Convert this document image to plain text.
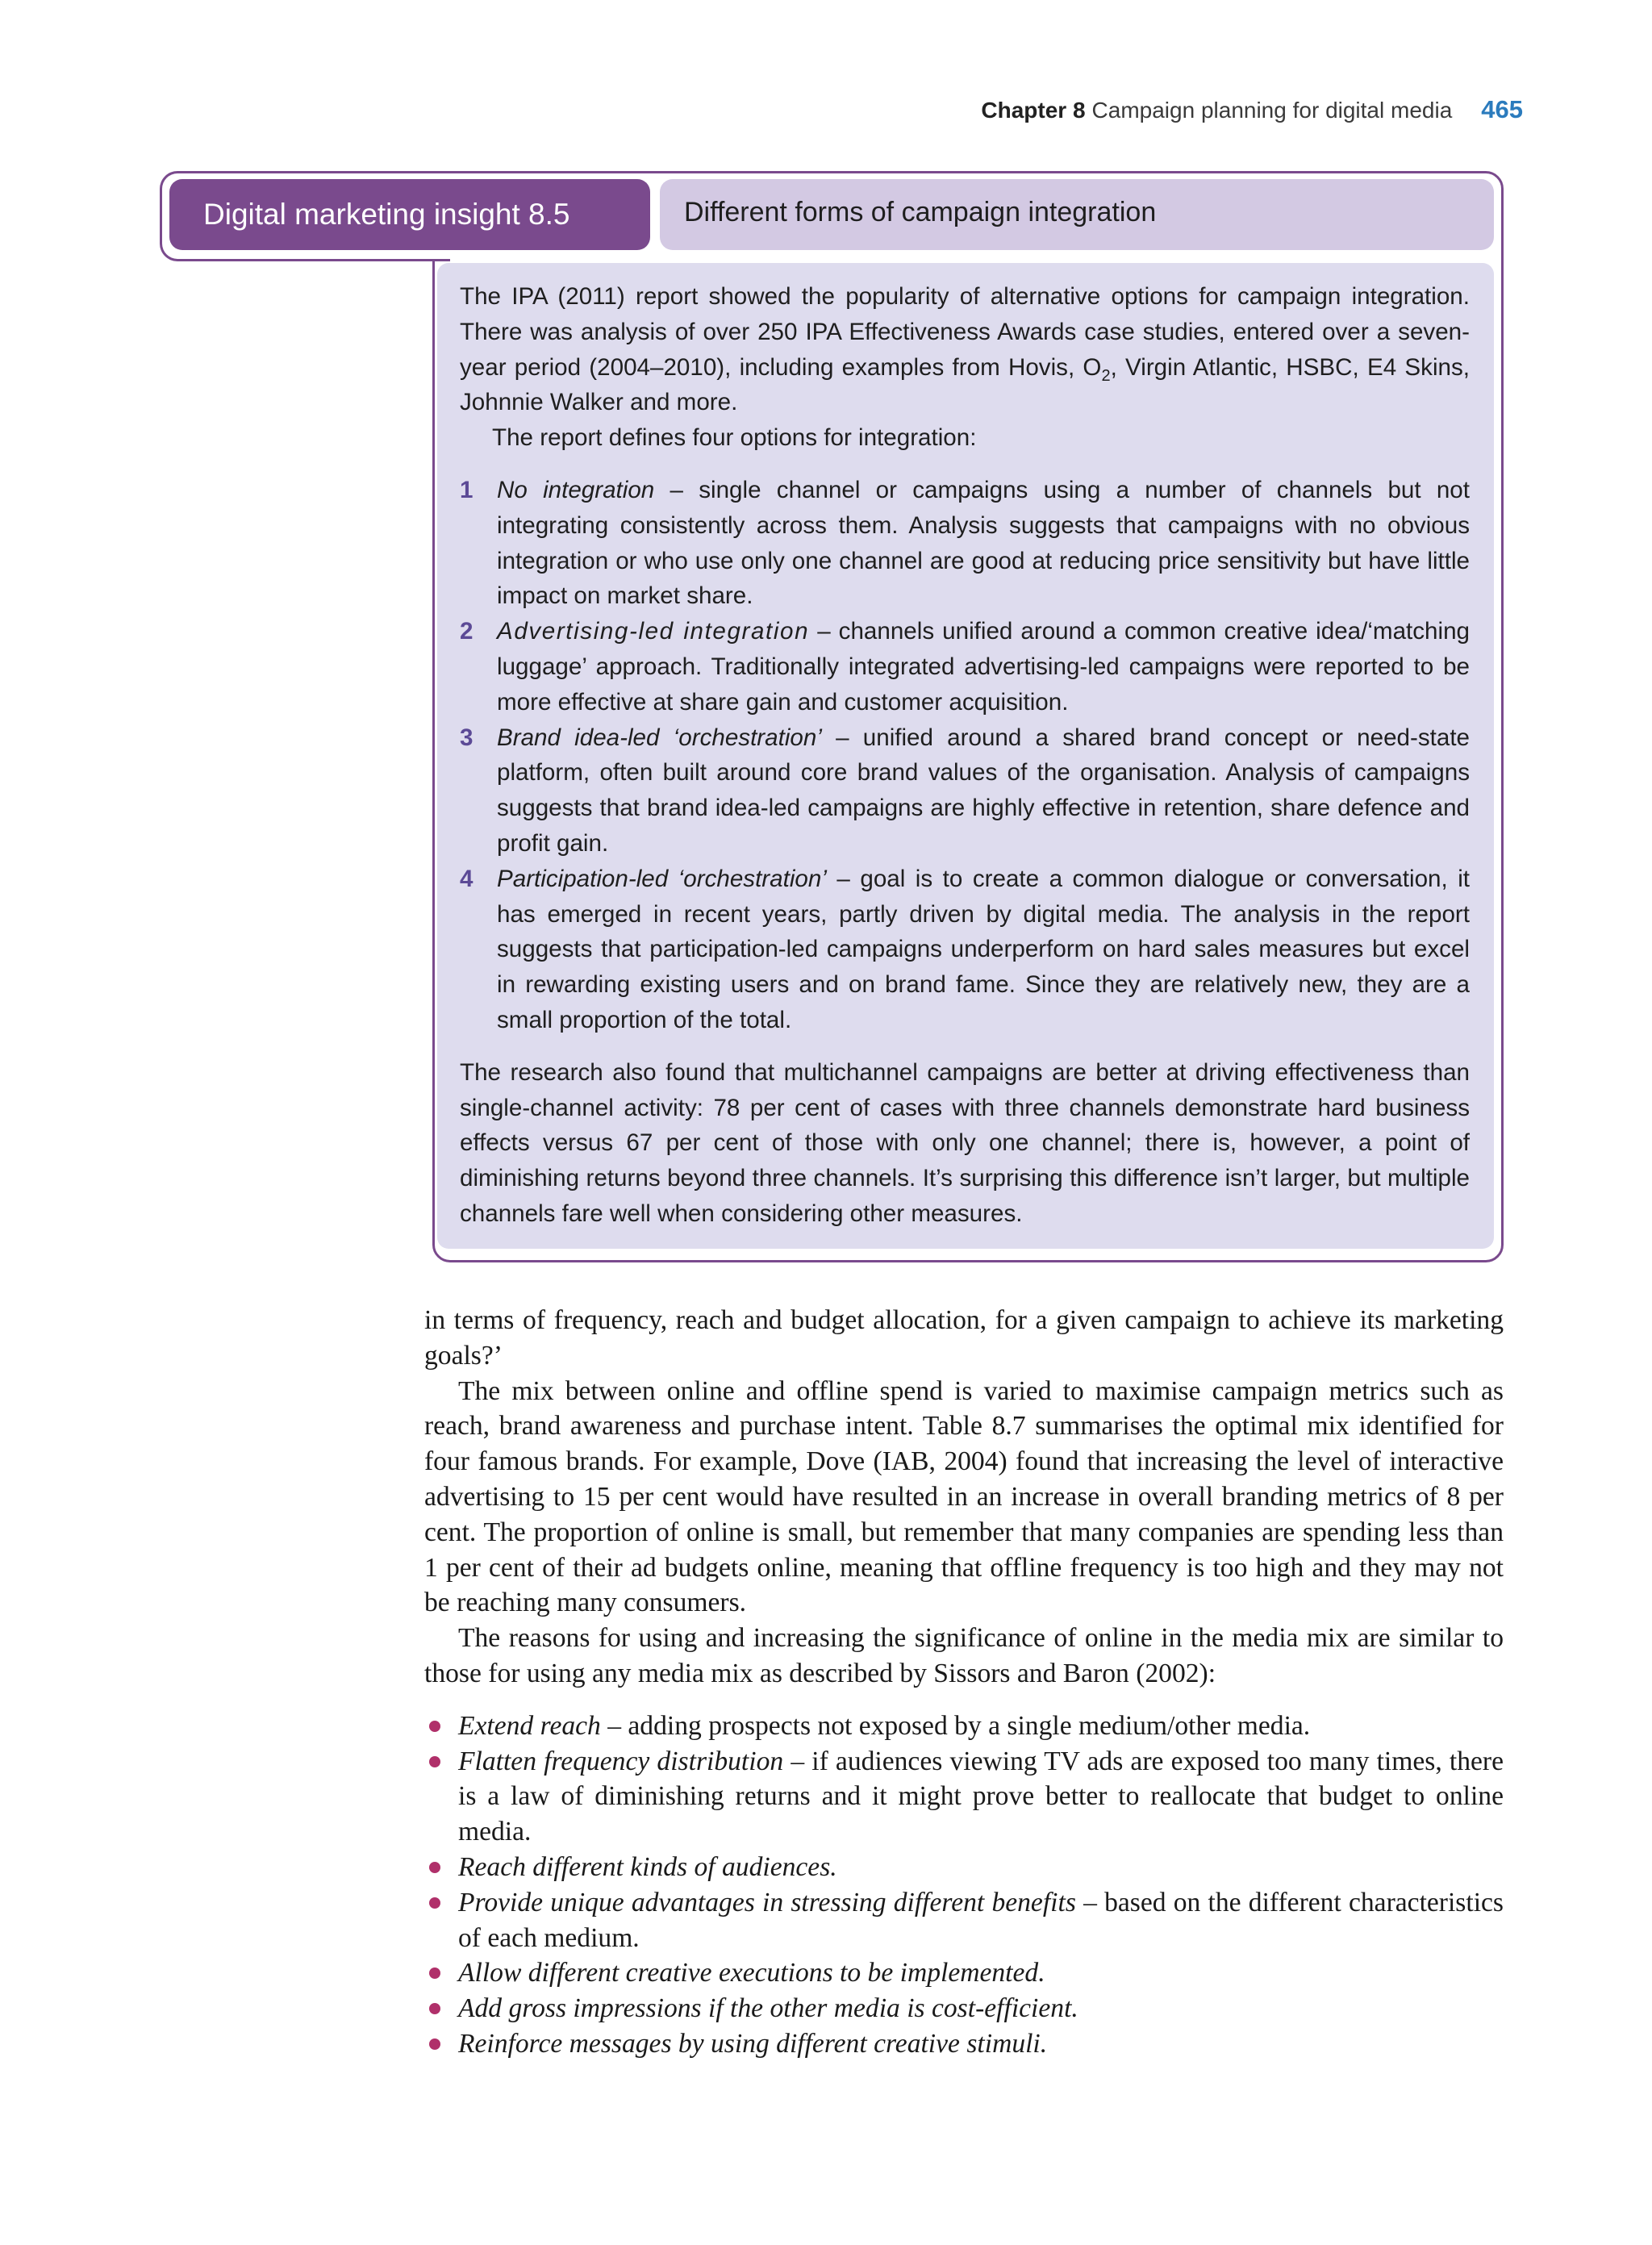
Chapter 8 Campaign planning for digital media 465
Digital marketing insight 8.5	Different forms of campaign integration

The IPA (2011) report showed the popularity of alternative options for campaign integration. There was analysis of over 250 IPA Effectiveness Awards case studies, entered over a seven-year period (2004–2010), including examples from Hovis, $O_2$, Virgin Atlantic, HSBC, E4 Skins, Johnnie Walker and more.

The report defines four options for integration:

1 No integration – single channel or campaigns using a number of channels but not integrating consistently across them. Analysis suggests that campaigns with no obvious integration or who use only one channel are good at reducing price sensitivity but have little impact on market share.
2 Advertising-led integration – channels unified around a common creative idea/‘matching luggage’ approach. Traditionally integrated advertising-led campaigns were reported to be more effective at share gain and customer acquisition.
3 Brand idea-led ‘orchestration’ – unified around a shared brand concept or need-state platform, often built around core brand values of the organisation. Analysis of campaigns suggests that brand idea-led campaigns are highly effective in retention, share defence and profit gain.
4 Participation-led ‘orchestration’ – goal is to create a common dialogue or conversation, it has emerged in recent years, partly driven by digital media. The analysis in the report suggests that participation-led campaigns underperform on hard sales measures but excel in rewarding existing users and on brand fame. Since they are relatively new, they are a small proportion of the total.

The research also found that multichannel campaigns are better at driving effectiveness than single-channel activity: 78 per cent of cases with three channels demonstrate hard business effects versus 67 per cent of those with only one channel; there is, however, a point of diminishing returns beyond three channels. It’s surprising this difference isn’t larger, but multiple channels fare well when considering other measures.

in terms of frequency, reach and budget allocation, for a given campaign to achieve its marketing goals?’

The mix between online and offline spend is varied to maximise campaign metrics such as reach, brand awareness and purchase intent. Table 8.7 summarises the optimal mix identified for four famous brands. For example, Dove (IAB, 2004) found that increasing the level of interactive advertising to 15 per cent would have resulted in an increase in overall branding metrics of 8 per cent. The proportion of online is small, but remember that many companies are spending less than 1 per cent of their ad budgets online, meaning that offline frequency is too high and they may not be reaching many consumers.

The reasons for using and increasing the significance of online in the media mix are similar to those for using any media mix as described by Sissors and Baron (2002):

Extend reach – adding prospects not exposed by a single medium/other media.
Flatten frequency distribution – if audiences viewing TV ads are exposed too many times, there is a law of diminishing returns and it might prove better to reallocate that budget to online media.
Reach different kinds of audiences.
Provide unique advantages in stressing different benefits – based on the different characteristics of each medium.
Allow different creative executions to be implemented.
Add gross impressions if the other media is cost-efficient.
Reinforce messages by using different creative stimuli.
